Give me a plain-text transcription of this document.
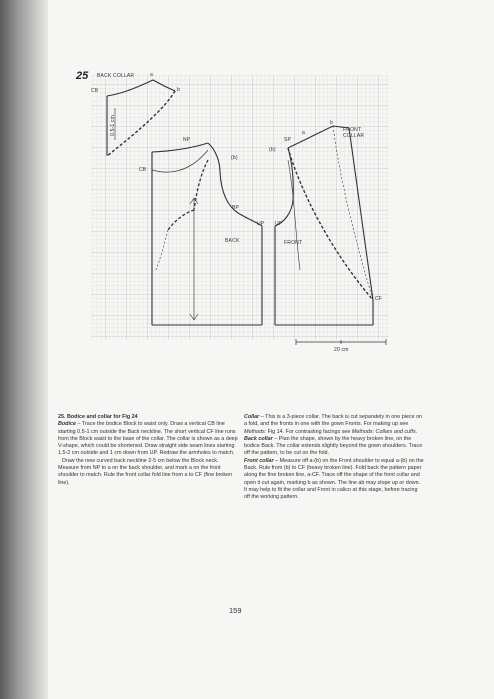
25 BACK COLLAR	a
CB	b
0.5-1 cm
NP
(b)
CB
BP
BACK
UP UP
FRONT
SP
(b)
a
b
FRONT
COLLAR
CF
20 cm

25. Bodice and collar for Fig 24

Bodice – Trace the bodice Block to waist only. Draw a vertical CB line starting 0.5-1 cm outside the Back neckline. The short vertical CF line runs from the Block waist to the base of the collar. The collar is shown as a deep V-shape, which could be shortened. Draw straight side seam lines starting 1.5-2 cm outside and 1 cm down from UP. Redraw the armholes to match.

Draw the new curved back neckline 2-5 cm below the Block neck. Measure from NP to a on the back shoulder, and mark a on the front shoulder to match. Rule the front collar fold line from a to CF (fine broken line).

Collar – This is a 3-piece collar. The back is cut separately in one piece on a fold, and the fronts in one with the gown Fronts. For making up see Methods: Fig 14. For contrasting facings see Methods: Collars and cuffs.

Back collar – Plan the shape, shown by the heavy broken line, on the bodice Back. The collar extends slightly beyond the gown shoulders. Trace off the pattern, to be cut on the fold.

Front collar – Measure off a-(b) on the Front shoulder to equal a-(b) on the Back. Rule from (b) to CF (heavy broken line). Fold back the pattern paper along the fine broken line, a-CF. Trace off the shape of the front collar and open it out again, marking b as shown. The line ab may slope up or down. It may help to fit the collar and Front in calico at this stage, before tracing off the working pattern.

159
